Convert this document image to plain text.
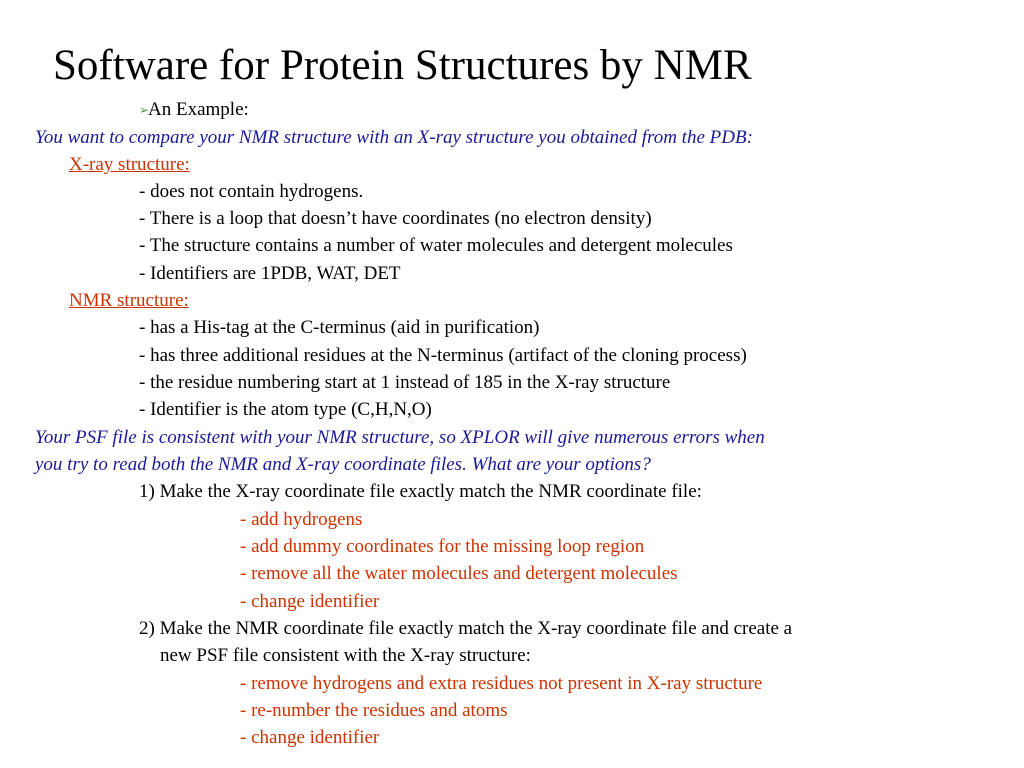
Software for Protein Structures by NMR
➢An Example:
You want to compare your NMR structure with an X-ray structure you obtained from the PDB:
X-ray structure:
- does not contain hydrogens.
- There is a loop that doesn’t have coordinates (no electron density)
- The structure contains a number of water molecules and detergent molecules
- Identifiers are 1PDB, WAT, DET
NMR structure:
- has a His-tag at the C-terminus (aid in purification)
- has three additional residues at the N-terminus (artifact of the cloning process)
- the residue numbering start at 1 instead of 185 in the X-ray structure
- Identifier is the atom type (C,H,N,O)
Your PSF file is consistent with your NMR structure, so XPLOR will give numerous errors when
you try to read both the NMR and X-ray coordinate files. What are your options?
1) Make the X-ray coordinate file exactly match the NMR coordinate file:
- add hydrogens
- add dummy coordinates for the missing loop region
- remove all the water molecules and detergent molecules
- change identifier
2) Make the NMR coordinate file exactly match the X-ray coordinate file and create a
new PSF file consistent with the X-ray structure:
- remove hydrogens and extra residues not present in X-ray structure
- re-number the residues and atoms
- change identifier
